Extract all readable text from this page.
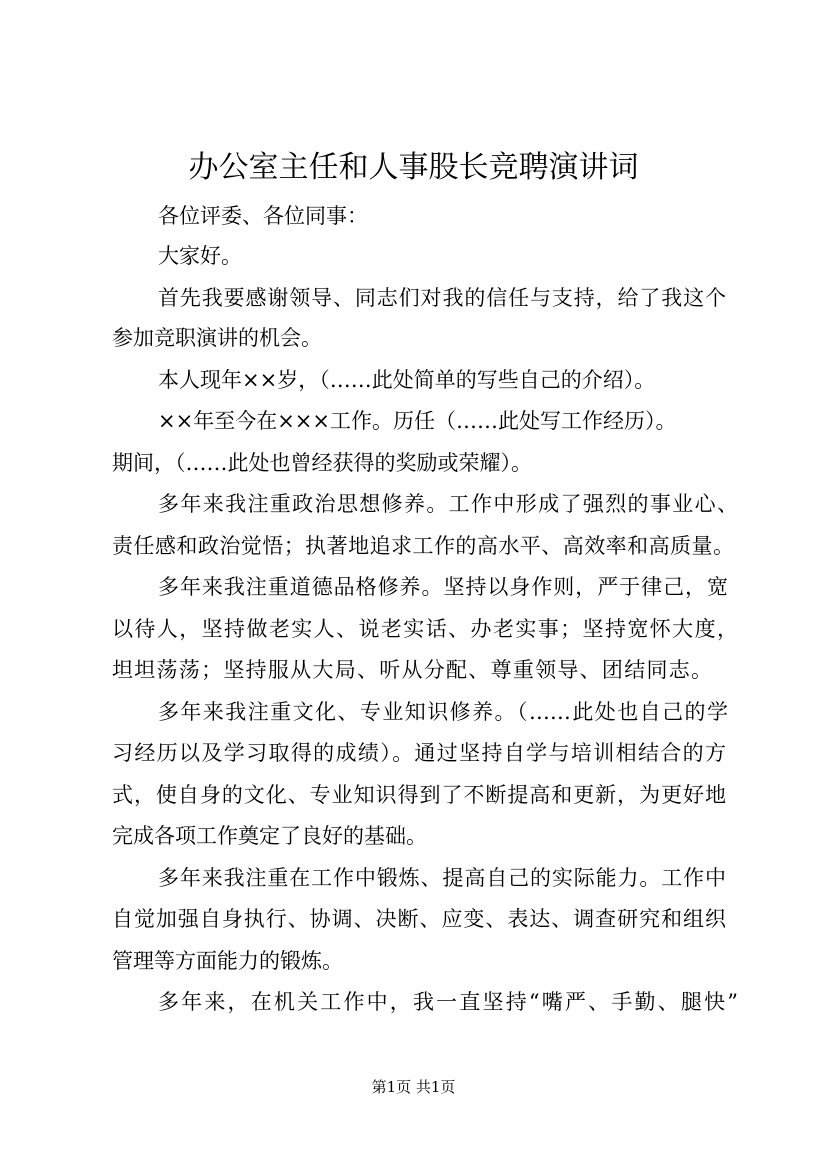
办公室主任和人事股长竞聘演讲词
各位评委、各位同事：
大家好。
首先我要感谢领导、同志们对我的信任与支持，给了我这个
参加竞职演讲的机会。
本人现年××岁，（……此处简单的写些自己的介绍）。
××年至今在×××工作。历任（……此处写工作经历）。
期间，（……此处也曾经获得的奖励或荣耀）。
多年来我注重政治思想修养。工作中形成了强烈的事业心、
责任感和政治觉悟；执著地追求工作的高水平、高效率和高质量。
多年来我注重道德品格修养。坚持以身作则，严于律己，宽
以待人，坚持做老实人、说老实话、办老实事；坚持宽怀大度，
坦坦荡荡；坚持服从大局、听从分配、尊重领导、团结同志。
多年来我注重文化、专业知识修养。（……此处也自己的学
习经历以及学习取得的成绩）。通过坚持自学与培训相结合的方
式，使自身的文化、专业知识得到了不断提高和更新，为更好地
完成各项工作奠定了良好的基础。
多年来我注重在工作中锻炼、提高自己的实际能力。工作中
自觉加强自身执行、协调、决断、应变、表达、调查研究和组织
管理等方面能力的锻炼。
多年来，在机关工作中，我一直坚持“嘴严、手勤、腿快”
第1页 共1页
